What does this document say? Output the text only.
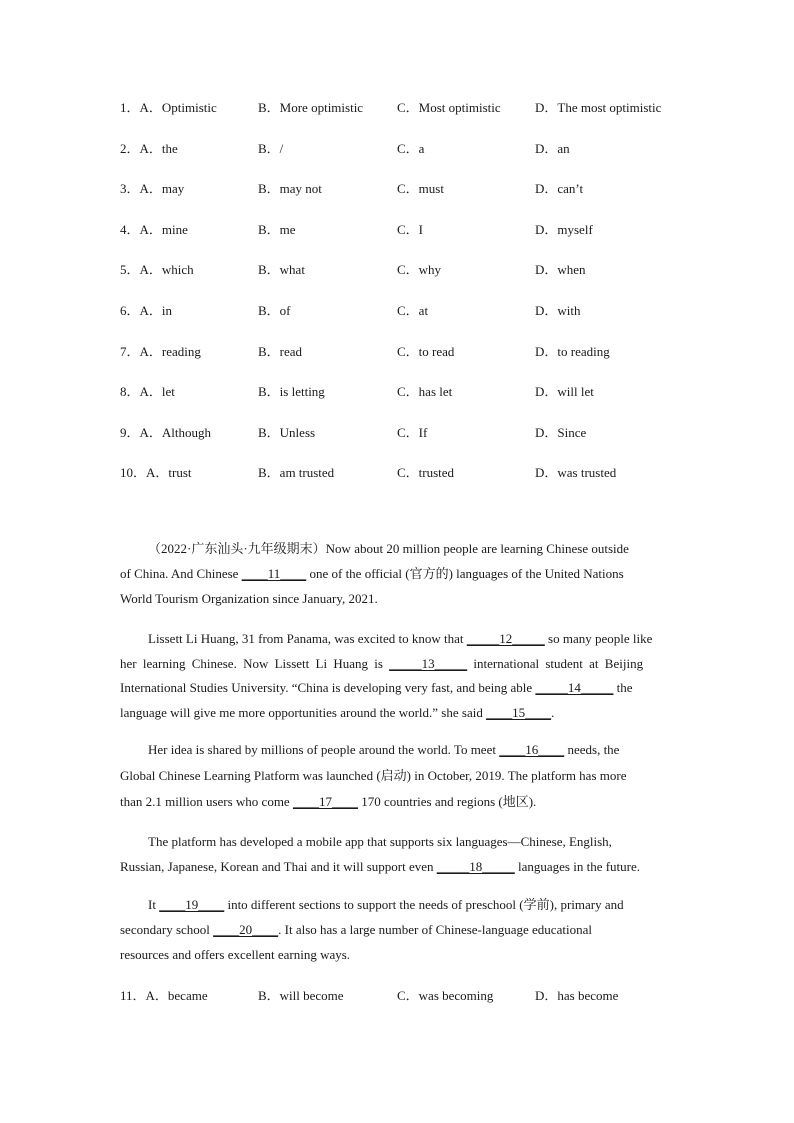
1．A．Optimistic	B．More optimistic	C．Most optimistic	D．The most optimistic
2．A．the	B．/	C．a	D．an
3．A．may	B．may not	C．must	D．can’t
4．A．mine	B．me	C．I	D．myself
5．A．which	B．what	C．why	D．when
6．A．in	B．of	C．at	D．with
7．A．reading	B．read	C．to read	D．to reading
8．A．let	B．is letting	C．has let	D．will let
9．A．Although	B．Unless	C．If	D．Since
10．A．trust	B．am trusted	C．trusted	D．was trusted
（2022·广东汕头·九年级期末）Now about 20 million people are learning Chinese outside
of China. And Chinese ____11____ one of the official (官方的) languages of the United Nations
World Tourism Organization since January, 2021.
Lissett Li Huang, 31 from Panama, was excited to know that _____12_____ so many people like
her learning Chinese. Now Lissett Li Huang is _____13_____ international student at Beijing
International Studies University. “China is developing very fast, and being able _____14_____ the
language will give me more opportunities around the world.” she said ____15____.
Her idea is shared by millions of people around the world. To meet ____16____ needs, the
Global Chinese Learning Platform was launched (启动) in October, 2019. The platform has more
than 2.1 million users who come ____17____ 170 countries and regions (地区).
The platform has developed a mobile app that supports six languages—Chinese, English,
Russian, Japanese, Korean and Thai and it will support even _____18_____ languages in the future.
It ____19____ into different sections to support the needs of preschool (学前), primary and
secondary school ____20____. It also has a large number of Chinese-language educational
resources and offers excellent earning ways.
11．A．became	B．will become	C．was becoming	D．has become
